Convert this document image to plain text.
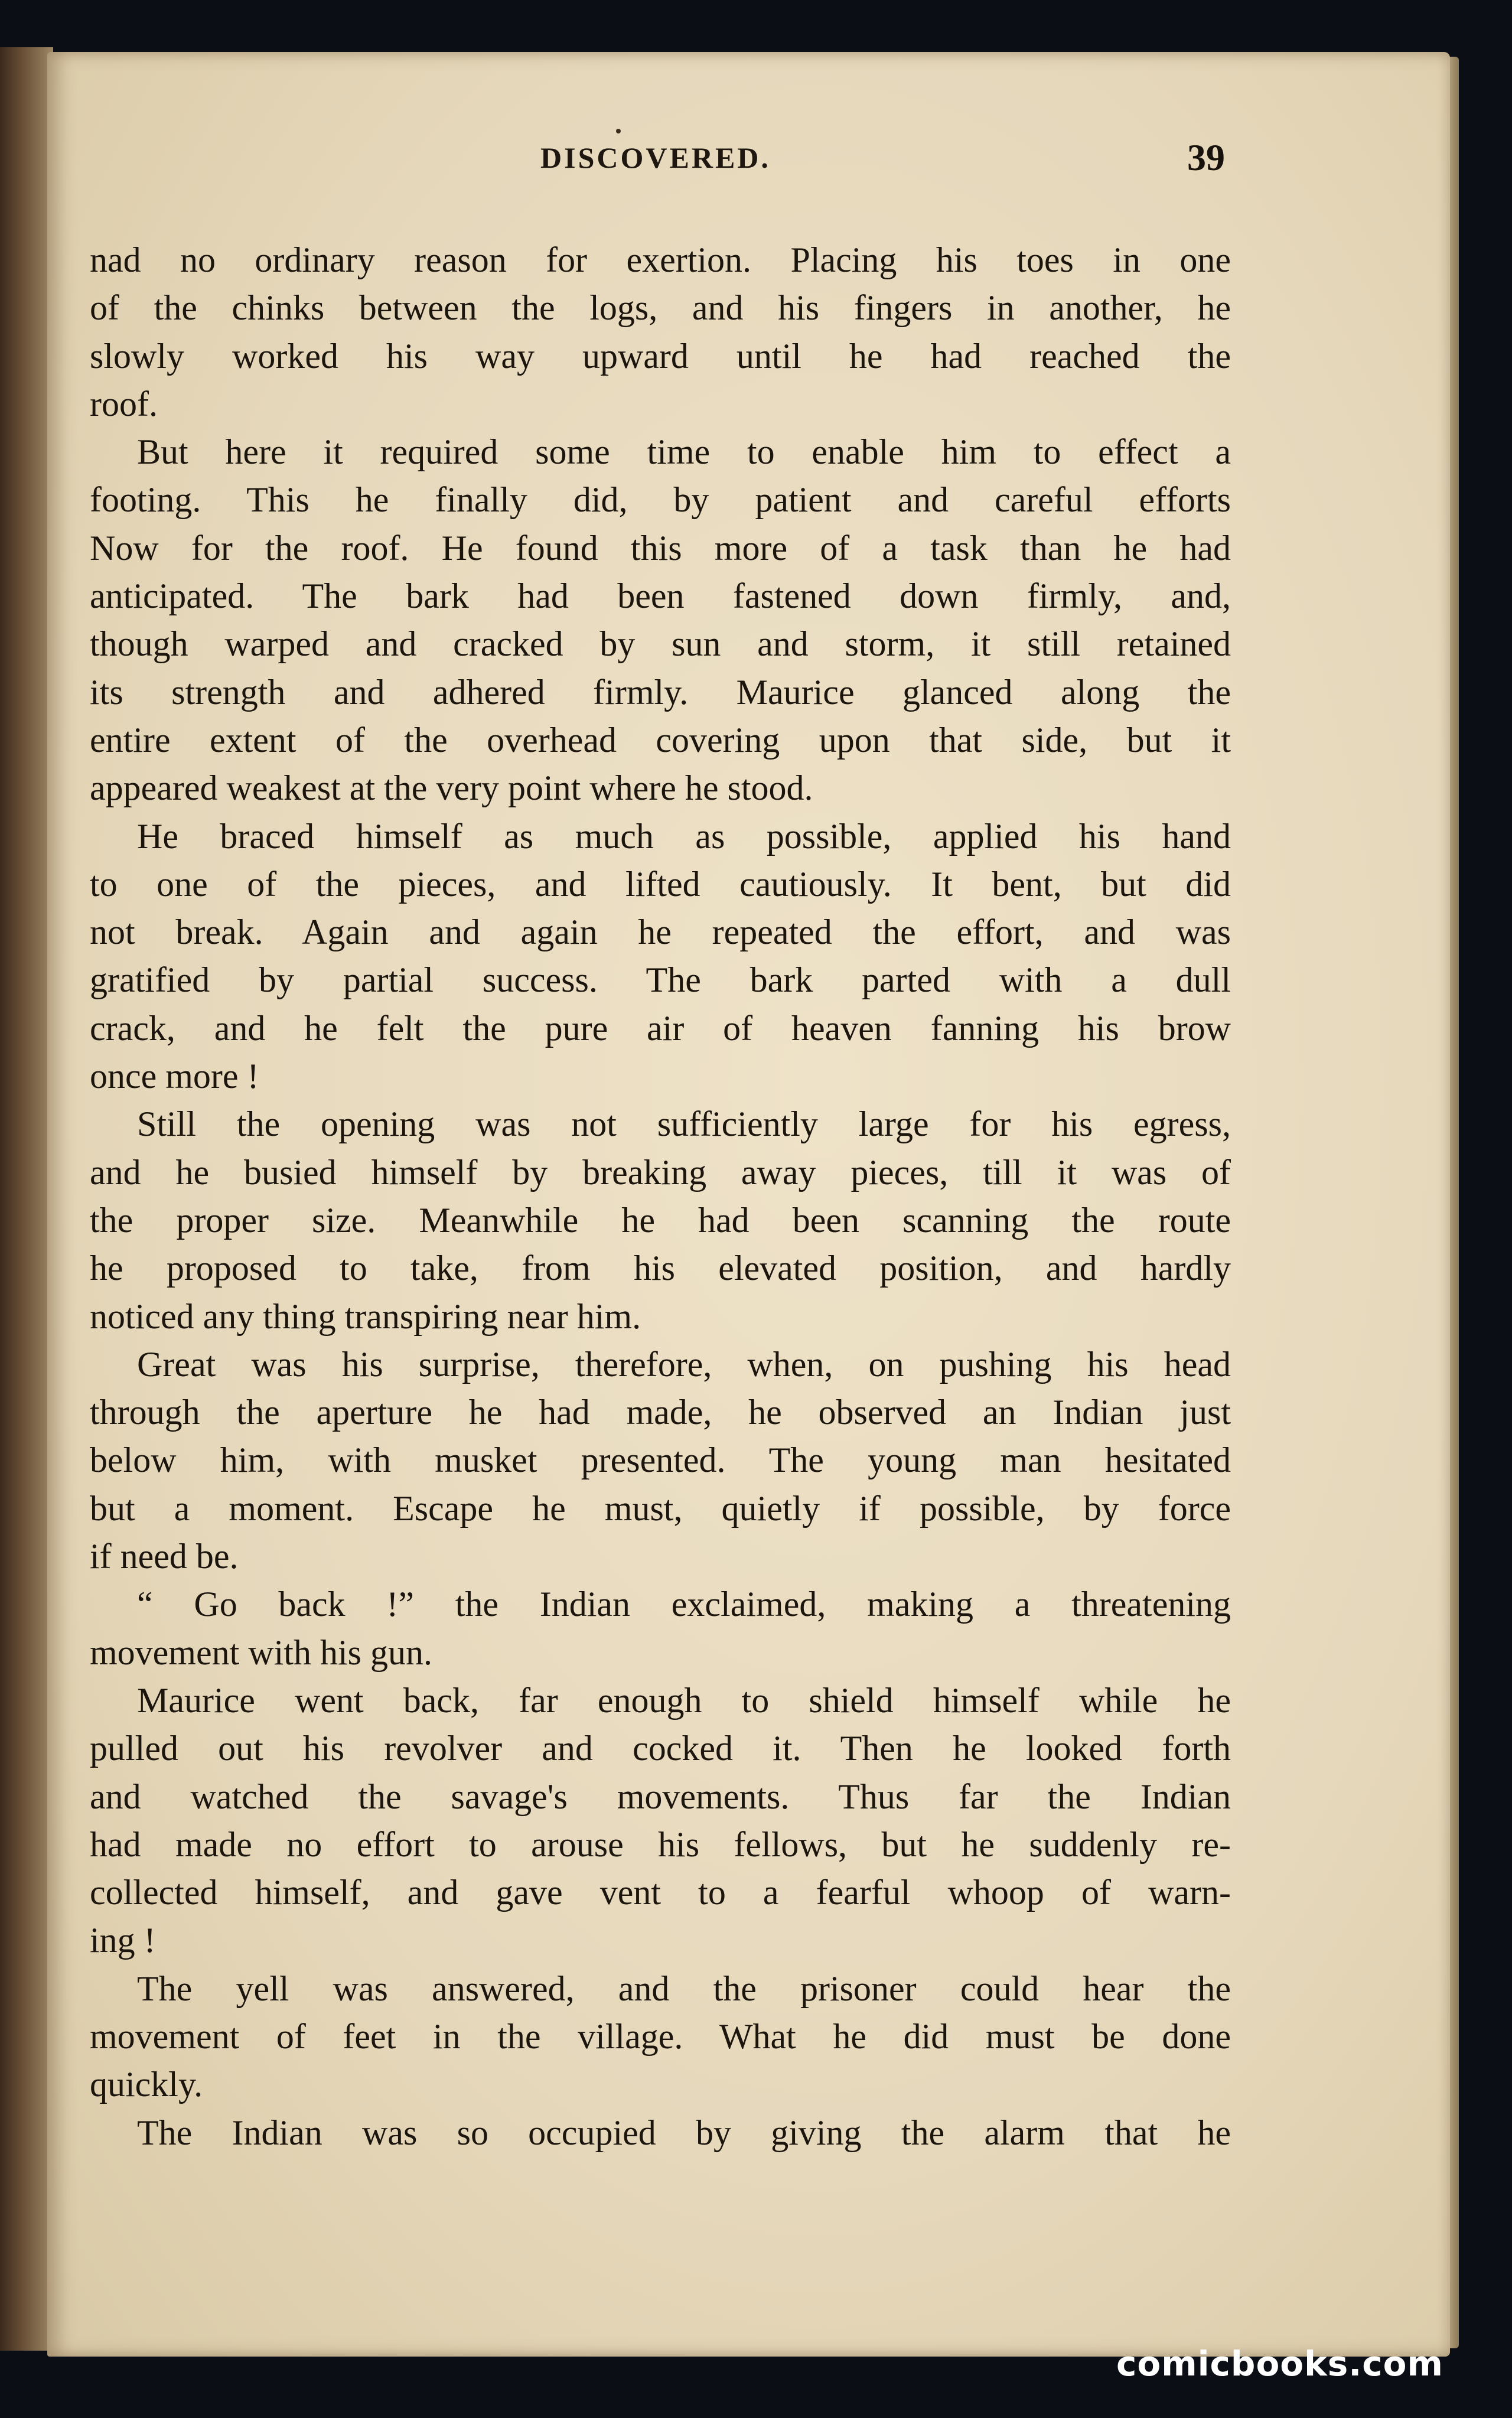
DISCOVERED.	39
nad no ordinary reason for exertion. Placing his toes in one
of the chinks between the logs, and his fingers in another, he
slowly worked his way upward until he had reached the
roof.
But here it required some time to enable him to effect a
footing. This he finally did, by patient and careful efforts
Now for the roof. He found this more of a task than he had
anticipated. The bark had been fastened down firmly, and,
though warped and cracked by sun and storm, it still retained
its strength and adhered firmly. Maurice glanced along the
entire extent of the overhead covering upon that side, but it
appeared weakest at the very point where he stood.
He braced himself as much as possible, applied his hand
to one of the pieces, and lifted cautiously. It bent, but did
not break. Again and again he repeated the effort, and was
gratified by partial success. The bark parted with a dull
crack, and he felt the pure air of heaven fanning his brow
once more !
Still the opening was not sufficiently large for his egress,
and he busied himself by breaking away pieces, till it was of
the proper size. Meanwhile he had been scanning the route
he proposed to take, from his elevated position, and hardly
noticed any thing transpiring near him.
Great was his surprise, therefore, when, on pushing his head
through the aperture he had made, he observed an Indian just
below him, with musket presented. The young man hesitated
but a moment. Escape he must, quietly if possible, by force
if need be.
“ Go back !” the Indian exclaimed, making a threatening
movement with his gun.
Maurice went back, far enough to shield himself while he
pulled out his revolver and cocked it. Then he looked forth
and watched the savage's movements. Thus far the Indian
had made no effort to arouse his fellows, but he suddenly re-
collected himself, and gave vent to a fearful whoop of warn-
ing !
The yell was answered, and the prisoner could hear the
movement of feet in the village. What he did must be done
quickly.
The Indian was so occupied by giving the alarm that he
comicbooks.com
